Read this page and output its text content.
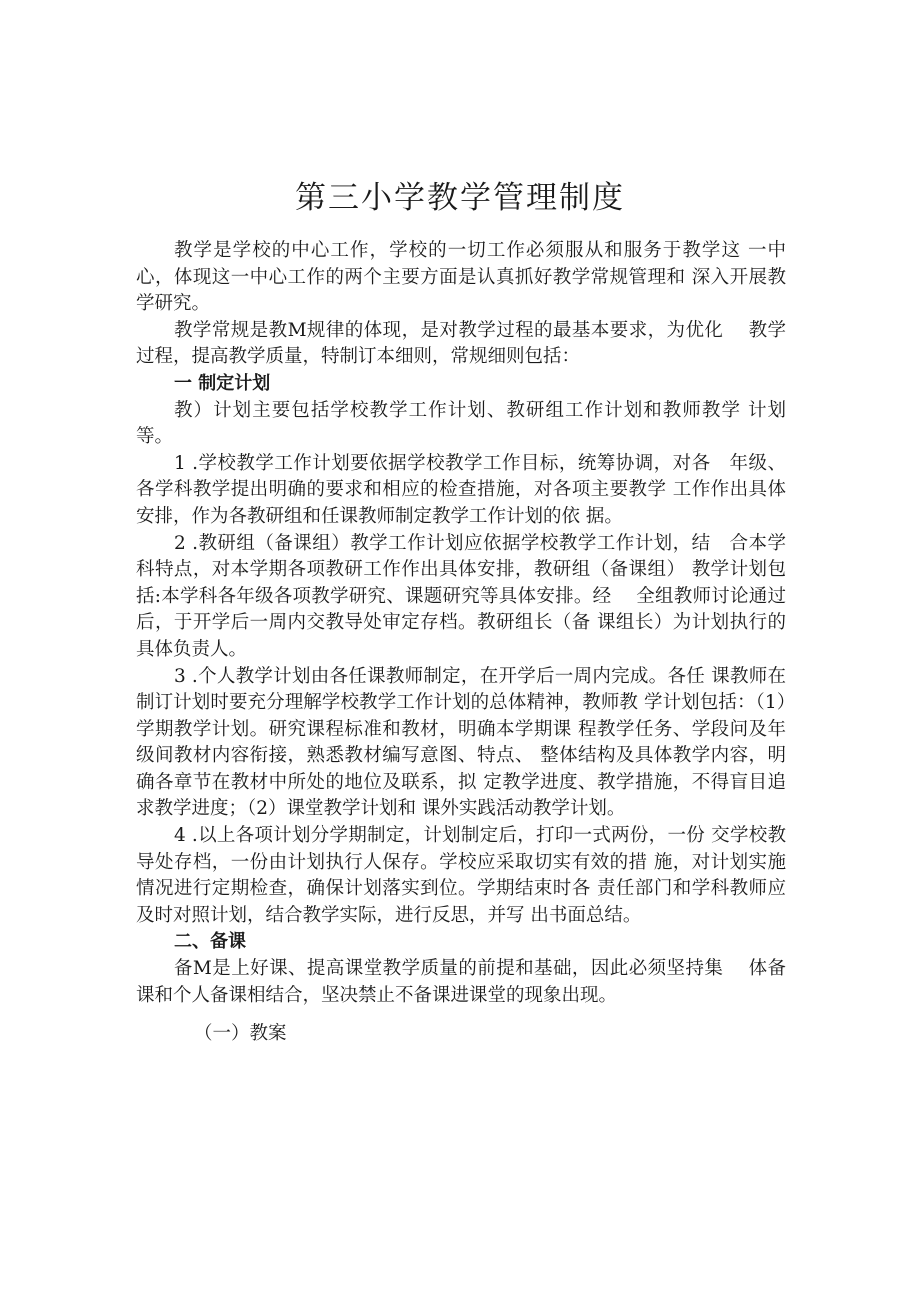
第三小学教学管理制度

教学是学校的中心工作，学校的一切工作必须服从和服务于教学这 一中心，体现这一中心工作的两个主要方面是认真抓好教学常规管理和 深入开展教学研究。

教学常规是教M规律的体现，是对教学过程的最基本要求，为优化　 教学过程，提高教学质量，特制订本细则，常规细则包括：

一 制定计划

教）计划主要包括学校教学工作计划、教研组工作计划和教师教学 计划等。

1 .学校教学工作计划要依据学校教学工作目标，统筹协调，对各　年级、各学科教学提出明确的要求和相应的检查措施，对各项主要教学 工作作出具体安排，作为各教研组和任课教师制定教学工作计划的依 据。

2 .教研组（备课组）教学工作计划应依据学校教学工作计划，结　合本学科特点，对本学期各项教研工作作出具体安排，教研组（备课组） 教学计划包括:本学科各年级各项教学研究、课题研究等具体安排。经　 全组教师讨论通过后，于开学后一周内交教导处审定存档。教研组长（备 课组长）为计划执行的具体负责人。

3 .个人教学计划由各任课教师制定，在开学后一周内完成。各任 课教师在制订计划时要充分理解学校教学工作计划的总体精神，教师教 学计划包括：（1）学期教学计划。研究课程标准和教材，明确本学期课 程教学任务、学段问及年级间教材内容衔接，熟悉教材编写意图、特点、 整体结构及具体教学内容，明确各章节在教材中所处的地位及联系，拟 定教学进度、教学措施，不得盲目追求教学进度；（2）课堂教学计划和 课外实践活动教学计划。

4 .以上各项计划分学期制定，计划制定后，打印一式两份，一份 交学校教导处存档，一份由计划执行人保存。学校应采取切实有效的措 施，对计划实施情况进行定期检查，确保计划落实到位。学期结束时各 责任部门和学科教师应及时对照计划，结合教学实际，进行反思，并写 出书面总结。

二、备课

备M是上好课、提高课堂教学质量的前提和基础，因此必须坚持集　 体备课和个人备课相结合，坚决禁止不备课进课堂的现象出现。

（一）教案
